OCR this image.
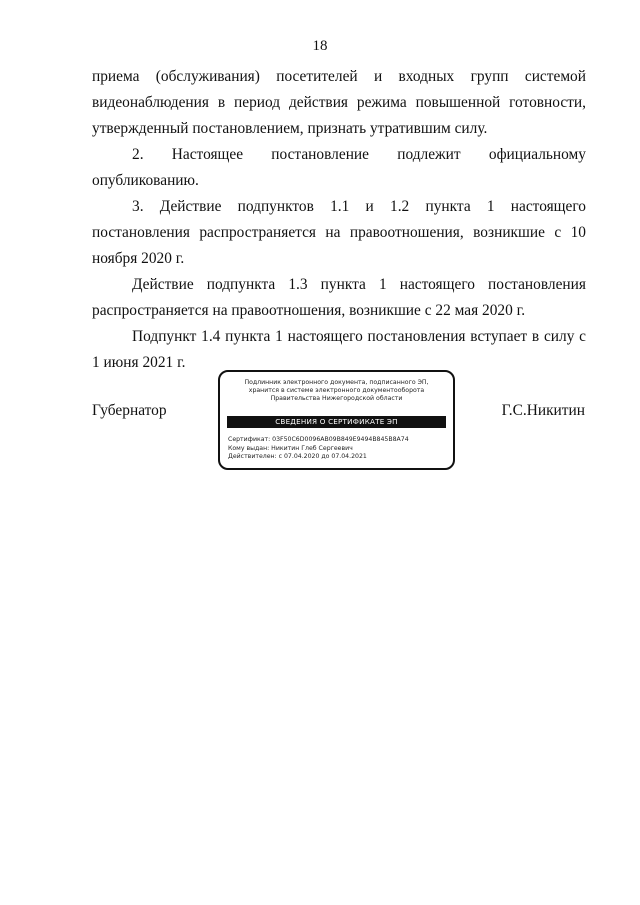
18

приема (обслуживания) посетителей и входных групп системой видеонаблюдения в период действия режима повышенной готовности, утвержденный постановлением, признать утратившим силу.

2. Настоящее постановление подлежит официальному опубликованию.

3. Действие подпунктов 1.1 и 1.2 пункта 1 настоящего постановления распространяется на правоотношения, возникшие с 10 ноября 2020 г.

Действие подпункта 1.3 пункта 1 настоящего постановления распространяется на правоотношения, возникшие с 22 мая 2020 г.

Подпункт 1.4 пункта 1 настоящего постановления вступает в силу с 1 июня 2021 г.

Губернатор	Г.С.Никитин
Подлинник электронного документа, подписанного ЭП,
хранится в системе электронного документооборота
Правительства Нижегородской области
СВЕДЕНИЯ О СЕРТИФИКАТЕ ЭП
Сертификат: 03F50C6D0096AB09B849E9494B845B8A74
Кому выдан: Никитин Глеб Сергеевич
Действителен: с 07.04.2020 до 07.04.2021
